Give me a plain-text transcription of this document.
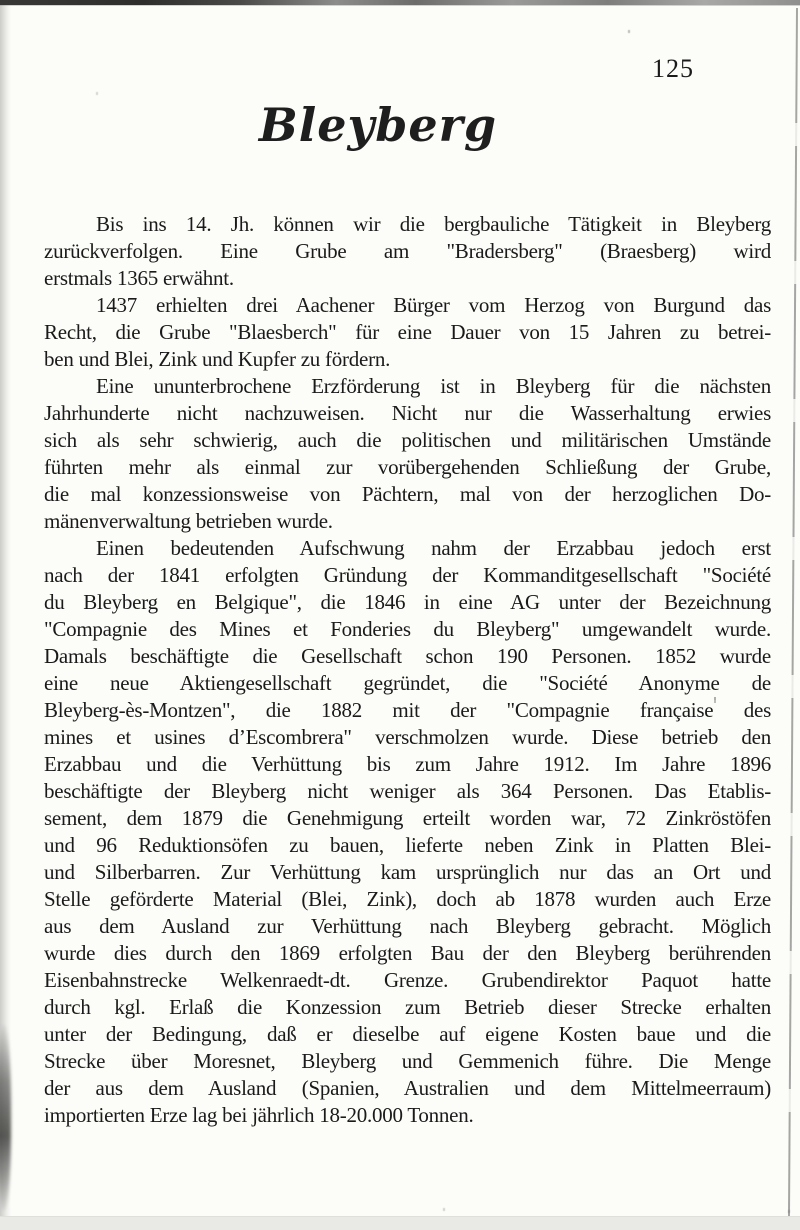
125
Bleyberg
Bis ins 14. Jh. können wir die bergbauliche Tätigkeit in Bleyberg
zurückverfolgen. Eine Grube am "Bradersberg" (Braesberg) wird
erstmals 1365 erwähnt.
1437 erhielten drei Aachener Bürger vom Herzog von Burgund das
Recht, die Grube "Blaesberch" für eine Dauer von 15 Jahren zu betrei-
ben und Blei, Zink und Kupfer zu fördern.
Eine ununterbrochene Erzförderung ist in Bleyberg für die nächsten
Jahrhunderte nicht nachzuweisen. Nicht nur die Wasserhaltung erwies
sich als sehr schwierig, auch die politischen und militärischen Umstände
führten mehr als einmal zur vorübergehenden Schließung der Grube,
die mal konzessionsweise von Pächtern, mal von der herzoglichen Do-
mänenverwaltung betrieben wurde.
Einen bedeutenden Aufschwung nahm der Erzabbau jedoch erst
nach der 1841 erfolgten Gründung der Kommanditgesellschaft "Société
du Bleyberg en Belgique", die 1846 in eine AG unter der Bezeichnung
"Compagnie des Mines et Fonderies du Bleyberg" umgewandelt wurde.
Damals beschäftigte die Gesellschaft schon 190 Personen. 1852 wurde
eine neue Aktiengesellschaft gegründet, die "Société Anonyme de
Bleyberg-ès-Montzen", die 1882 mit der "Compagnie française des
mines et usines d’Escombrera" verschmolzen wurde. Diese betrieb den
Erzabbau und die Verhüttung bis zum Jahre 1912. Im Jahre 1896
beschäftigte der Bleyberg nicht weniger als 364 Personen. Das Etablis-
sement, dem 1879 die Genehmigung erteilt worden war, 72 Zinkröstöfen
und 96 Reduktionsöfen zu bauen, lieferte neben Zink in Platten Blei-
und Silberbarren. Zur Verhüttung kam ursprünglich nur das an Ort und
Stelle geförderte Material (Blei, Zink), doch ab 1878 wurden auch Erze
aus dem Ausland zur Verhüttung nach Bleyberg gebracht. Möglich
wurde dies durch den 1869 erfolgten Bau der den Bleyberg berührenden
Eisenbahnstrecke Welkenraedt-dt. Grenze. Grubendirektor Paquot hatte
durch kgl. Erlaß die Konzession zum Betrieb dieser Strecke erhalten
unter der Bedingung, daß er dieselbe auf eigene Kosten baue und die
Strecke über Moresnet, Bleyberg und Gemmenich führe. Die Menge
der aus dem Ausland (Spanien, Australien und dem Mittelmeerraum)
importierten Erze lag bei jährlich 18-20.000 Tonnen.
